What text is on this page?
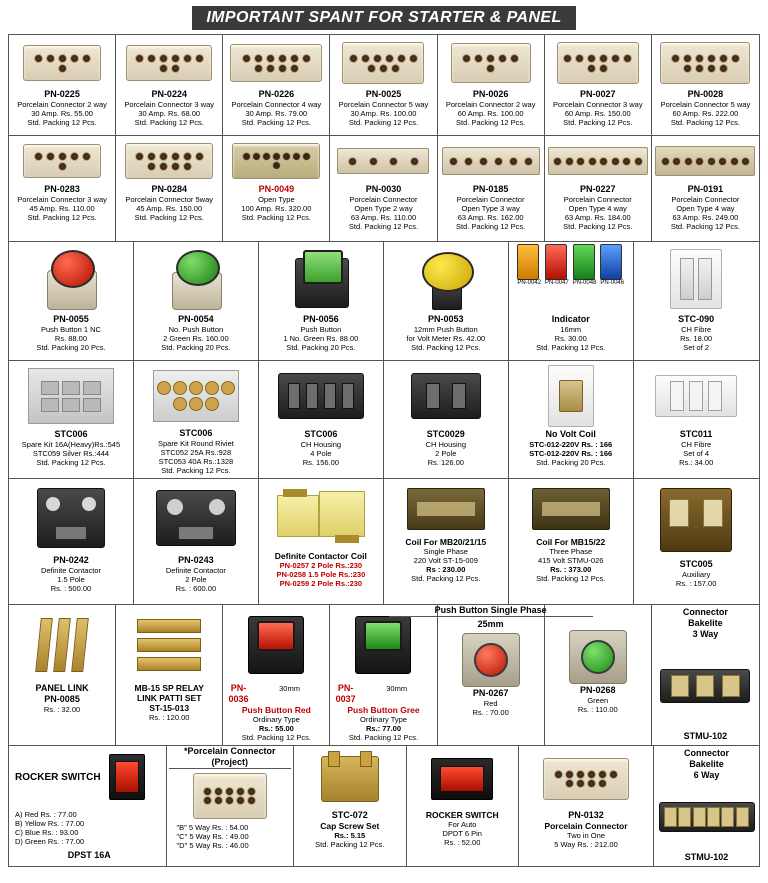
IMPORTANT SPANT FOR STARTER & PANEL
PN-0225
Porcelain Connector 2 way
30 Amp. Rs. 55.00
Std. Packing 12 Pcs.
PN-0224
Porcelain Connector 3 way
30 Amp. Rs. 68.00
Std. Packing 12 Pcs.
PN-0226
Porcelain Connector 4 way
30 Amp. Rs. 79.00
Std. Packing 12 Pcs.
PN-0025
Porcelain Connector 5 way
30 Amp. Rs. 100.00
Std. Packing 12 Pcs.
PN-0026
Porcelain Connector 2 way
60 Amp. Rs. 100.00
Std. Packing 12 Pcs.
PN-0027
Porcelain Connector 3 way
60 Amp. Rs. 150.00
Std. Packing 12 Pcs.
PN-0028
Porcelain Connector 5 way
60 Amp. Rs. 222.00
Std. Packing 12 Pcs.
PN-0283
Porcelain Connector 3 way
45 Amp. Rs. 110.00
Std. Packing 12 Pcs.
PN-0284
Porcelain Connector 5way
45 Amp. Rs. 150.00
Std. Packing 12 Pcs.
PN-0049
Open Type
100 Amp. Rs. 320.00
Std. Packing 12 Pcs.
PN-0030
Porcelain Connector
Open Type 2 way
63 Amp. Rs. 110.00
Std. Packing 12 Pcs.
PN-0185
Porcelain Connector
Open Type 3 way
63 Amp. Rs. 162.00
Std. Packing 12 Pcs.
PN-0227
Porcelain Connector
Open Type 4 way
63 Amp. Rs. 184.00
Std. Packing 12 Pcs.
PN-0191
Porcelain Connector
Open Type 4 way
63 Amp. Rs. 249.00
Std. Packing 12 Pcs.
PN-0055
Push Button 1 NC
Rs. 88.00
Std. Packing 20 Pcs.
PN-0054
No. Push Button
2 Green Rs. 160.00
Std. Packing 20 Pcs.
PN-0056
Push Button
1 No. Green Rs. 88.00
Std. Packing 20 Pcs.
PN-0053
12mm Push Button
for Volt Meter Rs. 42.00
Std. Packing 12 Pcs.
PN-0042 PN-0047 PN-0048 PN-0046
Indicator
16mm
Rs. 30.00
Std. Packing 12 Pcs.
STC-090
CH Fibre
Rs. 18.00
Set of 2
STC006
Spare Kit 16A(Heavy)Rs.:545
STC059 Silver Rs.:444
Std. Packing 12 Pcs.
STC006
Spare Kit Round Riviet
STC052 25A Rs.:928
STC053 40A Rs.:1328
Std. Packing 12 Pcs.
STC006
CH Housing
4 Pole
Rs. 156.00
STC0029
CH Housing
2 Pole
Rs. 126.00
No Volt Coil
STC-012-220V Rs. : 166
STC-012-220V Rs. : 166
Std. Packing 20 Pcs.
STC011
CH Fibre
Set of 4
Rs.: 34.00
PN-0242
Definite Contactor
1.5 Pole
Rs. : 500.00
PN-0243
Definite Contactor
2 Pole
Rs. : 600.00
Definite Contactor Coil
PN-0257 2 Pole Rs.:230
PN-0258 1.5 Pole Rs.:230
PN-0259 2 Pole Rs.:230
Coil For MB20/21/15
Single Phase
220 Volt ST-15-009
Rs : 230.00
Std. Packing 12 Pcs.
Coil For MB15/22
Three Phase
415 Volt STMU-026
Rs. : 373.00
Std. Packing 12 Pcs.
STC005
Auxiliary
Rs. : 157.00
PANEL LINK
PN-0085
Rs. : 32.00
MB-15 SP RELAY
LINK PATTI SET
ST-15-013
Rs. : 120.00
PN-0036
30mm
Push Button Red
Ordinary Type
Rs.: 55.00
Std. Packing 12 Pcs.
PN-0037
30mm
Push Button Gree
Ordinary Type
Rs.: 77.00
Std. Packing 12 Pcs.
Push Button Single Phase
25mm
PN-0267
Red
Rs. : 70.00
PN-0268
Green
Rs. : 110.00
Connector
Bakelite
3 Way
STMU-102
ROCKER SWITCH
A) Red Rs. : 77.00
B) Yellow Rs. : 77.00
C) Blue Rs. : 93.00
D) Green Rs. : 77.00
DPST 16A
*Porcelain Connector (Project)
"B" 5 Way Rs. : 54.00
"C" 5 Way Rs. : 49.00
"D" 5 Way Rs. : 46.00
STC-072
Cap Screw Set
Rs.: 5.15
Std. Packing 12 Pcs.
ROCKER SWITCH
For Auto
DPDT 6 Pin
Rs. : 52.00
PN-0132
Porcelain Connector
Two in One
5 Way Rs. : 212.00
Connector
Bakelite
6 Way
STMU-102
